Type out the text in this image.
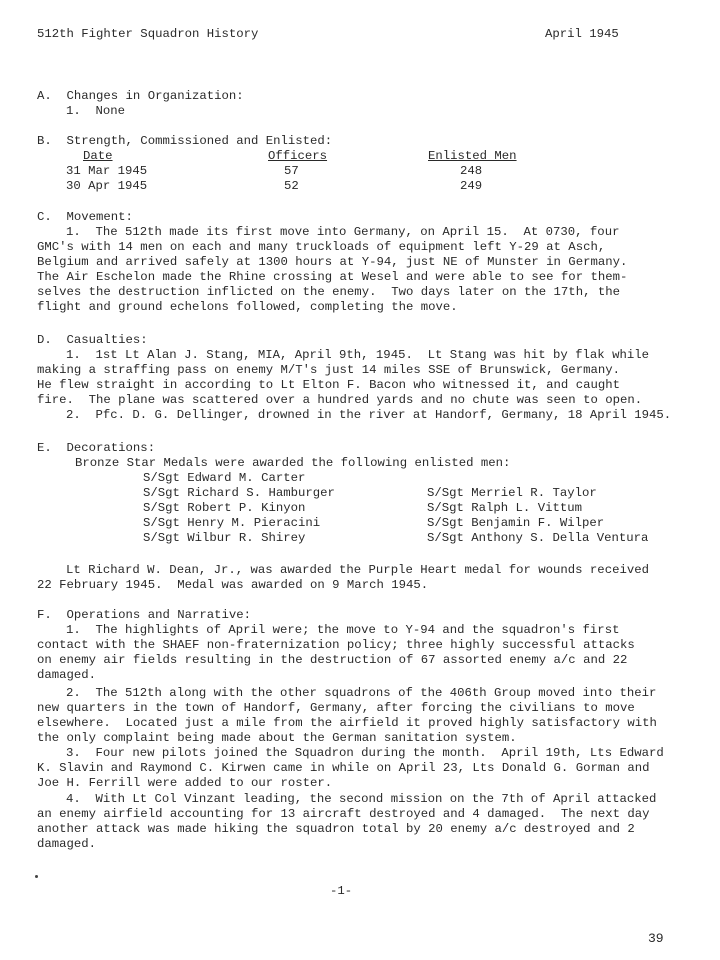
512th Fighter Squadron History	April 1945
A.  Changes in Organization:
1.  None
B.  Strength, Commissioned and Enlisted:
Date	Officers	Enlisted Men
31 Mar 1945	57	248
30 Apr 1945	52	249
C.  Movement:
1.  The 512th made its first move into Germany, on April 15.  At 0730, four
GMC's with 14 men on each and many truckloads of equipment left Y-29 at Asch,
Belgium and arrived safely at 1300 hours at Y-94, just NE of Munster in Germany.
The Air Eschelon made the Rhine crossing at Wesel and were able to see for them-
selves the destruction inflicted on the enemy.  Two days later on the 17th, the
flight and ground echelons followed, completing the move.
D.  Casualties:
1.  1st Lt Alan J. Stang, MIA, April 9th, 1945.  Lt Stang was hit by flak while
making a straffing pass on enemy M/T's just 14 miles SSE of Brunswick, Germany.
He flew straight in according to Lt Elton F. Bacon who witnessed it, and caught
fire.  The plane was scattered over a hundred yards and no chute was seen to open.
2.  Pfc. D. G. Dellinger, drowned in the river at Handorf, Germany, 18 April 1945.
E.  Decorations:
Bronze Star Medals were awarded the following enlisted men:
S/Sgt Edward M. Carter
S/Sgt Richard S. Hamburger
S/Sgt Robert P. Kinyon
S/Sgt Henry M. Pieracini
S/Sgt Wilbur R. Shirey
S/Sgt Merriel R. Taylor
S/Sgt Ralph L. Vittum
S/Sgt Benjamin F. Wilper
S/Sgt Anthony S. Della Ventura
Lt Richard W. Dean, Jr., was awarded the Purple Heart medal for wounds received
22 February 1945.  Medal was awarded on 9 March 1945.
F.  Operations and Narrative:
1.  The highlights of April were; the move to Y-94 and the squadron's first
contact with the SHAEF non-fraternization policy; three highly successful attacks
on enemy air fields resulting in the destruction of 67 assorted enemy a/c and 22
damaged.
2.  The 512th along with the other squadrons of the 406th Group moved into their
new quarters in the town of Handorf, Germany, after forcing the civilians to move
elsewhere.  Located just a mile from the airfield it proved highly satisfactory with
the only complaint being made about the German sanitation system.
3.  Four new pilots joined the Squadron during the month.  April 19th, Lts Edward
K. Slavin and Raymond C. Kirwen came in while on April 23, Lts Donald G. Gorman and
Joe H. Ferrill were added to our roster.
4.  With Lt Col Vinzant leading, the second mission on the 7th of April attacked
an enemy airfield accounting for 13 aircraft destroyed and 4 damaged.  The next day
another attack was made hiking the squadron total by 20 enemy a/c destroyed and 2
damaged.
-1-
39
